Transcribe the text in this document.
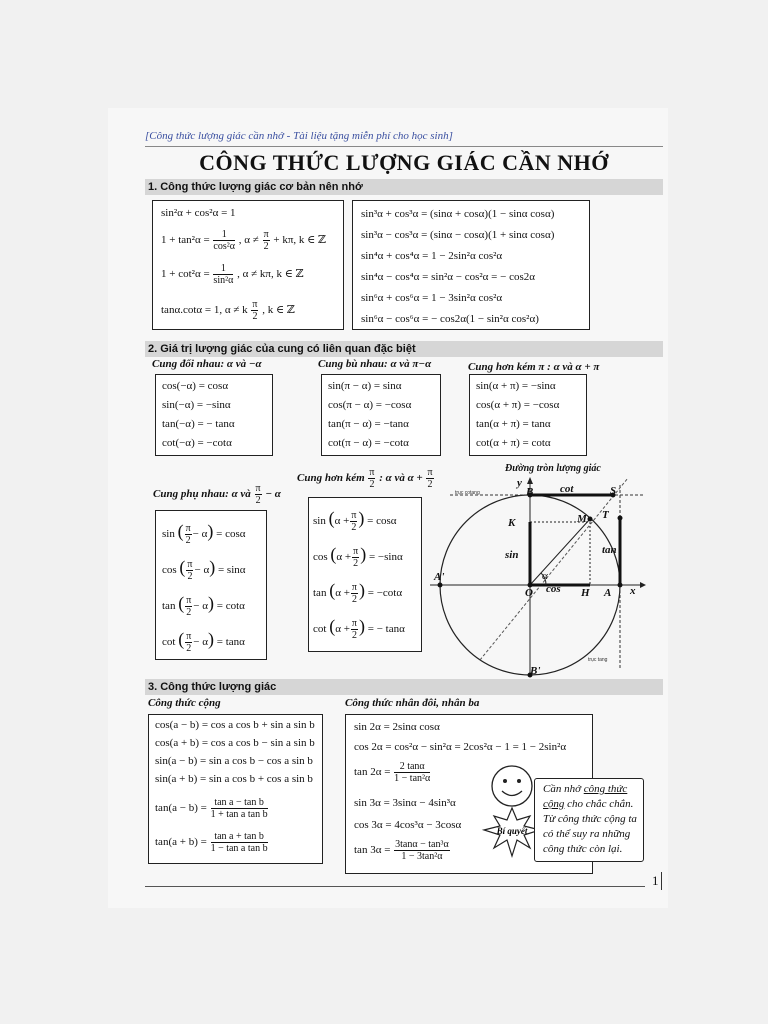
[Công thức lượng giác cần nhớ - Tài liệu tặng miễn phí cho học sinh]
CÔNG THỨC LƯỢNG GIÁC CẦN NHỚ
1. Công thức lượng giác cơ bản nên nhớ
sin²α + cos²α = 1
$1 + \tan^2\alpha = \frac{1}{\text{cos²α}}$ , $\alpha \ne \frac{\pi}{2} + k\pi$, k ∈ ℤ
$1 + \cot^2\alpha = \frac{1}{\text{sin²α}}$ , α ≠ kπ, k ∈ ℤ
tanα.cotα = 1, α ≠ k $\frac{\pi}{2}$ , k ∈ ℤ
sin³α + cos³α = (sinα + cosα)(1 − sinα cosα)
sin³α − cos³α = (sinα − cosα)(1 + sinα cosα)
sin⁴α + cos⁴α = 1 − 2sin²α cos²α
sin⁴α − cos⁴α = sin²α − cos²α = − cos2α
sin⁶α + cos⁶α = 1 − 3sin²α cos²α
sin⁶α − cos⁶α = − cos2α(1 − sin²α cos²α)
2. Giá trị lượng giác của cung có liên quan đặc biệt
Cung đối nhau: α và −α
cos(−α) = cosα
sin(−α) = −sinα
tan(−α) = − tanα
cot(−α) = −cotα
Cung bù nhau: α và π−α
sin(π − α) = sinα
cos(π − α) = −cosα
tan(π − α) = −tanα
cot(π − α) = −cotα
Cung hơn kém π : α và α + π
sin(α + π) = −sinα
cos(α + π) = −cosα
tan(α + π) = tanα
cot(α + π) = cotα
Cung phụ nhau: α và $\frac{\pi}{2} - \alpha$
sin ( $\frac{\pi}{2} - \alpha) = \cos\alpha$
cos ( $\frac{\pi}{2} - \alpha) = \sin\alpha$
tan ( $\frac{\pi}{2} - \alpha) = \cot\alpha$
cot ( $\frac{\pi}{2} - \alpha) = \tan\alpha$
Cung hơn kém $\frac{\pi}{2}$ : α và $\alpha + \frac{\pi}{2}$
$\sin (\alpha + \frac{\pi}{2}$ ) = cosα
$\cos (\alpha + \frac{\pi}{2}$ ) = −sinα
$\tan (\alpha + \frac{\pi}{2}$ ) = −cotα
$\cot (\alpha + \frac{\pi}{2}$ ) = − tanα
Đường tròn lượng giác
y
x
B
B'
A
A'
O	H
K	M
S
T
cot
tan
sin
cos
α
trục cotang
trục tang
3. Công thức lượng giác
Công thức cộng
cos(a − b) = cos a cos b + sin a sin b
cos(a + b) = cos a cos b − sin a sin b
sin(a − b) = sin a cos b − cos a sin b
sin(a + b) = sin a cos b + cos a sin b
$\tan(a - b) = \frac{\text{tan a − tan b}}{\text{1 + tan a tan b}}$
$\tan(a + b) = \frac{\text{tan a + tan b}}{\text{1 − tan a tan b}}$
Công thức nhân đôi, nhân ba
sin 2α = 2sinα cosα
cos 2α = cos²α − sin²α = 2cos²α − 1 = 1 − 2sin²α
$\tan 2\alpha = \frac{2 \tan\alpha}{\text{1 − tan²α}}$
sin 3α = 3sinα − 4sin³α
cos 3α = 4cos³α − 3cosα
$\tan 3\alpha = \frac{\text{3tanα − tan³α}}{\text{1 − 3tan²α}}$
Bí quyết
Cần nhớ công thức
cộng cho chắc chắn.
Từ công thức cộng ta
có thể suy ra những
công thức còn lại.
1
